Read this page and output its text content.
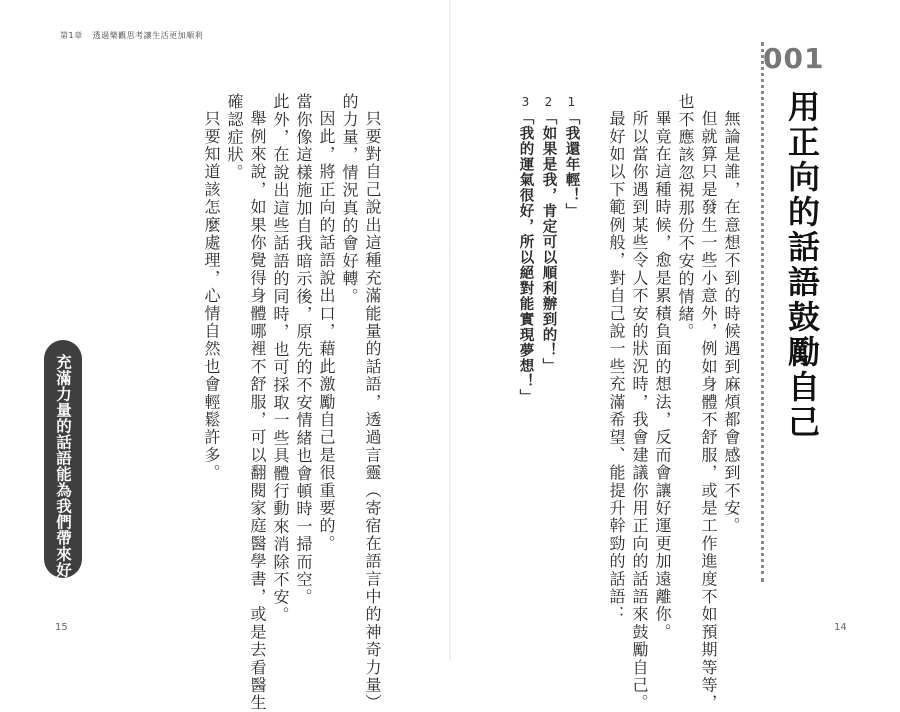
第1章 透過樂觀思考讓生活更加順利
只要對自己說出這種充滿能量的話語，透過言靈（寄宿在語言中的神奇力量）
的力量，情況真的會好轉。
因此，將正向的話語說出口，藉此激勵自己是很重要的。
當你像這樣施加自我暗示後，原先的不安情緒也會頓時一掃而空。
此外，在說出這些話語的同時，也可採取一些具體行動來消除不安。
舉例來說，如果你覺得身體哪裡不舒服，可以翻閱家庭醫學書，或是去看醫生
確認症狀。
只要知道該怎麼處理，心情自然也會輕鬆許多。
充滿力量的話語能為我們帶來好運
15
001
用正向的話語鼓勵自己
無論是誰，在意想不到的時候遇到麻煩都會感到不安。
但就算只是發生一些小意外，例如身體不舒服，或是工作進度不如預期等等，
也不應該忽視那份不安的情緒。
畢竟在這種時候，愈是累積負面的想法，反而會讓好運更加遠離你。
所以當你遇到某些令人不安的狀況時，我會建議你用正向的話語來鼓勵自己。
最好如以下範例般，對自己說一些充滿希望、能提升幹勁的話語：
1「我還年輕！」
2「如果是我，肯定可以順利辦到的！」
3「我的運氣很好，所以絕對能實現夢想！」
14
